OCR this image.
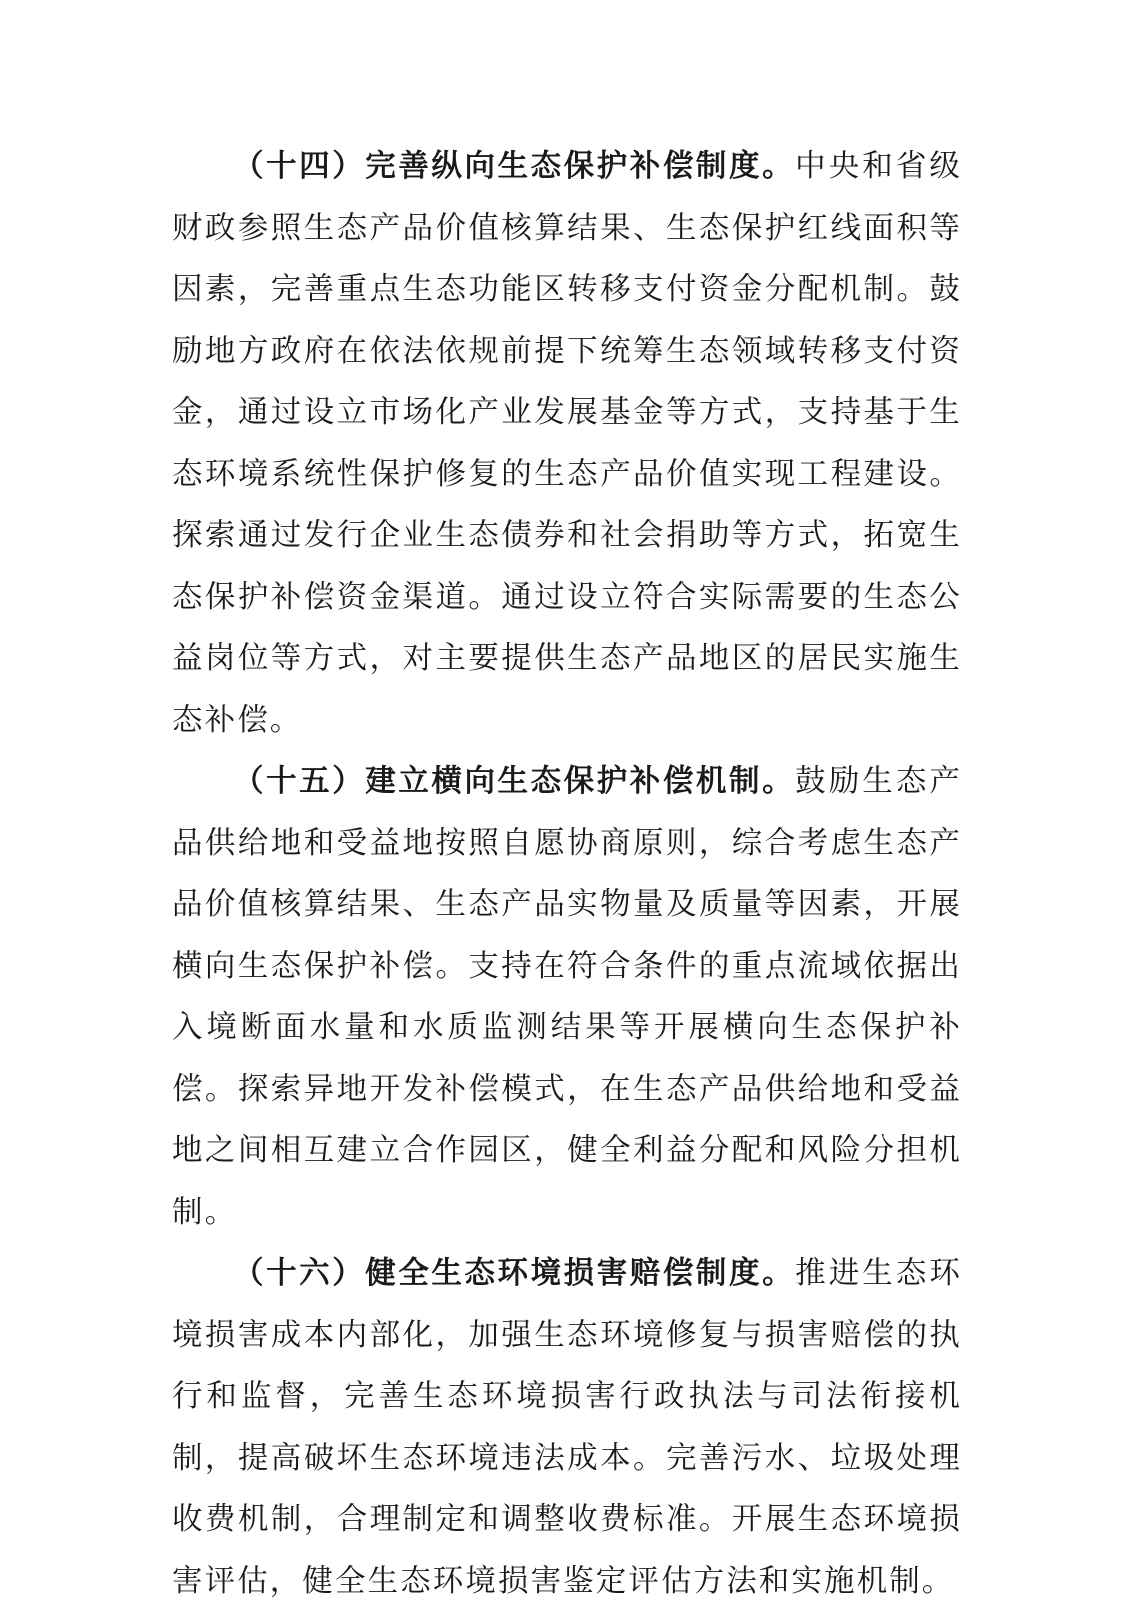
（十四）完善纵向生态保护补偿制度。中央和省级财政参照生态产品价值核算结果、生态保护红线面积等因素，完善重点生态功能区转移支付资金分配机制。鼓励地方政府在依法依规前提下统筹生态领域转移支付资金，通过设立市场化产业发展基金等方式，支持基于生态环境系统性保护修复的生态产品价值实现工程建设。探索通过发行企业生态债券和社会捐助等方式，拓宽生态保护补偿资金渠道。通过设立符合实际需要的生态公益岗位等方式，对主要提供生态产品地区的居民实施生态补偿。

（十五）建立横向生态保护补偿机制。鼓励生态产品供给地和受益地按照自愿协商原则，综合考虑生态产品价值核算结果、生态产品实物量及质量等因素，开展横向生态保护补偿。支持在符合条件的重点流域依据出入境断面水量和水质监测结果等开展横向生态保护补偿。探索异地开发补偿模式，在生态产品供给地和受益地之间相互建立合作园区，健全利益分配和风险分担机制。

（十六）健全生态环境损害赔偿制度。推进生态环境损害成本内部化，加强生态环境修复与损害赔偿的执行和监督，完善生态环境损害行政执法与司法衔接机制，提高破坏生态环境违法成本。完善污水、垃圾处理收费机制，合理制定和调整收费标准。开展生态环境损害评估，健全生态环境损害鉴定评估方法和实施机制。
